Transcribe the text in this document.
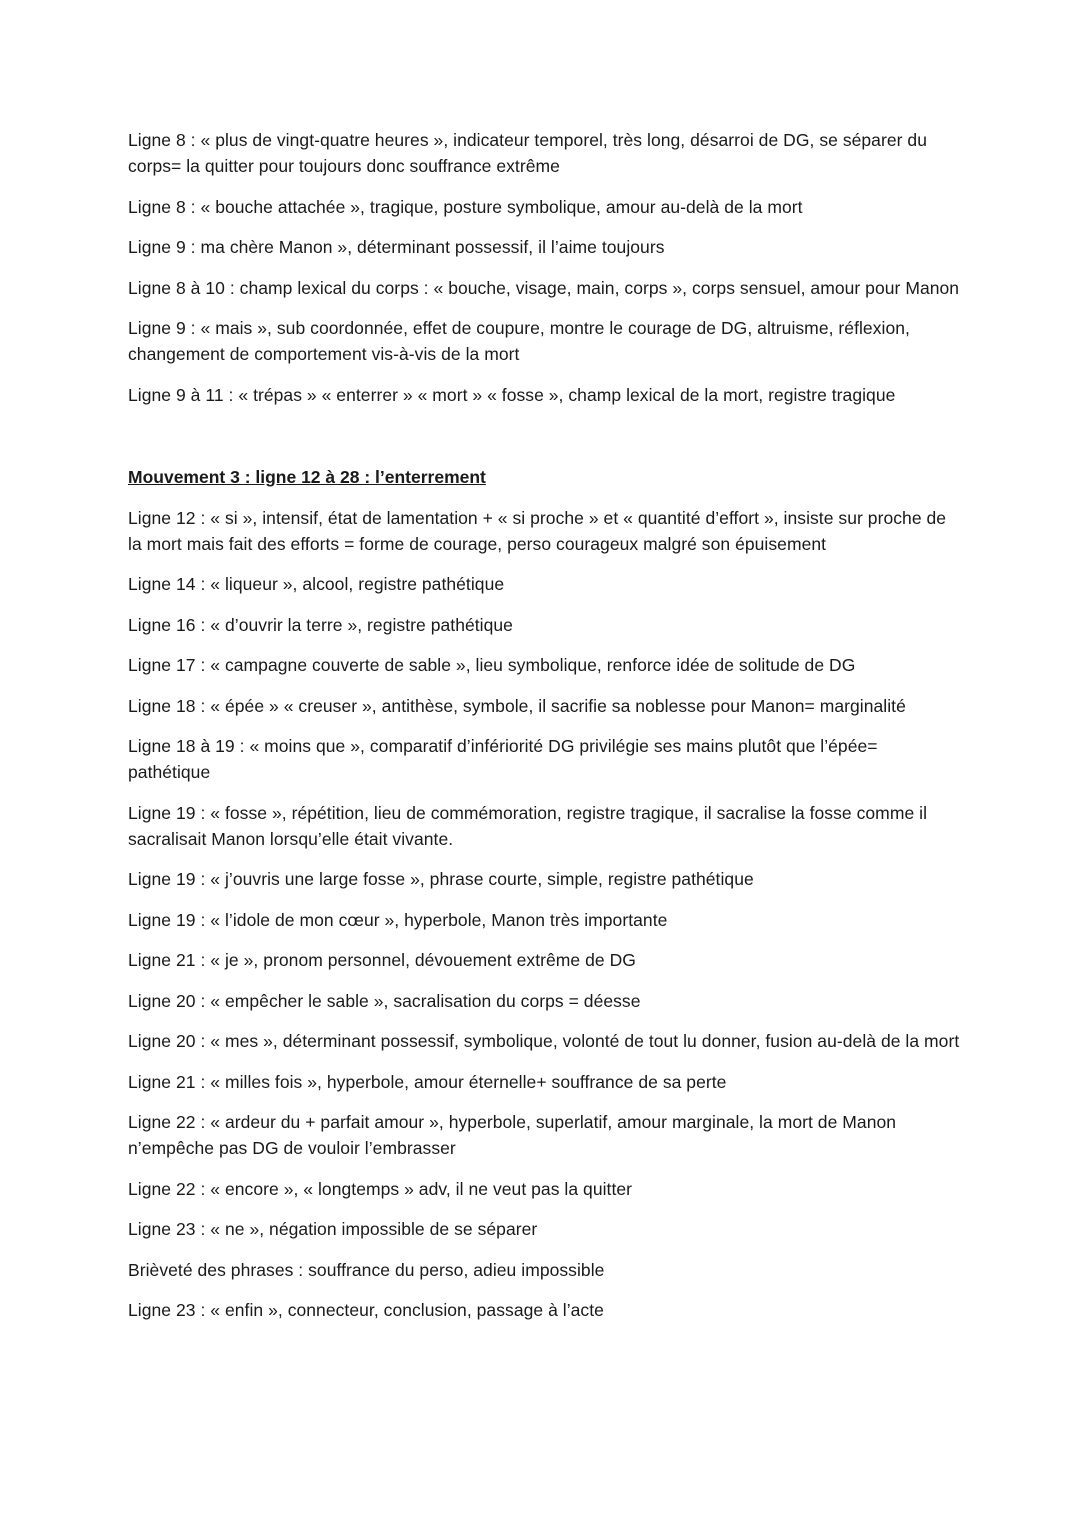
Ligne 8 : « plus de vingt-quatre heures », indicateur temporel, très long, désarroi de DG, se séparer du corps= la quitter pour toujours donc souffrance extrême

Ligne 8 : « bouche attachée », tragique, posture symbolique, amour au-delà de la mort

Ligne 9 : ma chère Manon », déterminant possessif, il l’aime toujours

Ligne 8 à 10 : champ lexical du corps : « bouche, visage, main, corps », corps sensuel, amour pour Manon

Ligne 9 : « mais », sub coordonnée, effet de coupure, montre le courage de DG, altruisme, réflexion, changement de comportement vis-à-vis de la mort

Ligne 9 à 11 : « trépas » « enterrer » « mort » « fosse », champ lexical de la mort, registre tragique

Mouvement 3 : ligne 12 à 28 : l’enterrement

Ligne 12 : « si », intensif, état de lamentation + « si proche » et « quantité d’effort », insiste sur proche de la mort mais fait des efforts = forme de courage, perso courageux malgré son épuisement

Ligne 14 : « liqueur », alcool, registre pathétique

Ligne 16 : « d’ouvrir la terre », registre pathétique

Ligne 17 : « campagne couverte de sable », lieu symbolique, renforce idée de solitude de DG

Ligne 18 : « épée » « creuser », antithèse, symbole, il sacrifie sa noblesse pour Manon= marginalité

Ligne 18 à 19 : « moins que », comparatif d’infériorité DG privilégie ses mains plutôt que l’épée= pathétique

Ligne 19 : « fosse », répétition, lieu de commémoration, registre tragique, il sacralise la fosse comme il sacralisait Manon lorsqu’elle était vivante.

Ligne 19 : « j’ouvris une large fosse », phrase courte, simple, registre pathétique

Ligne 19 : « l’idole de mon cœur », hyperbole, Manon très importante

Ligne 21 : « je », pronom personnel, dévouement extrême de DG

Ligne 20 : « empêcher le sable », sacralisation du corps = déesse

Ligne 20 : « mes », déterminant possessif, symbolique, volonté de tout lu donner, fusion au-delà de la mort

Ligne 21 : « milles fois », hyperbole, amour éternelle+ souffrance de sa perte

Ligne 22 : « ardeur du + parfait amour », hyperbole, superlatif, amour marginale, la mort de Manon n’empêche pas DG de vouloir l’embrasser

Ligne 22 : « encore », « longtemps » adv, il ne veut pas la quitter

Ligne 23 : « ne », négation impossible de se séparer

Brièveté des phrases : souffrance du perso, adieu impossible

Ligne 23 : « enfin », connecteur, conclusion, passage à l’acte
